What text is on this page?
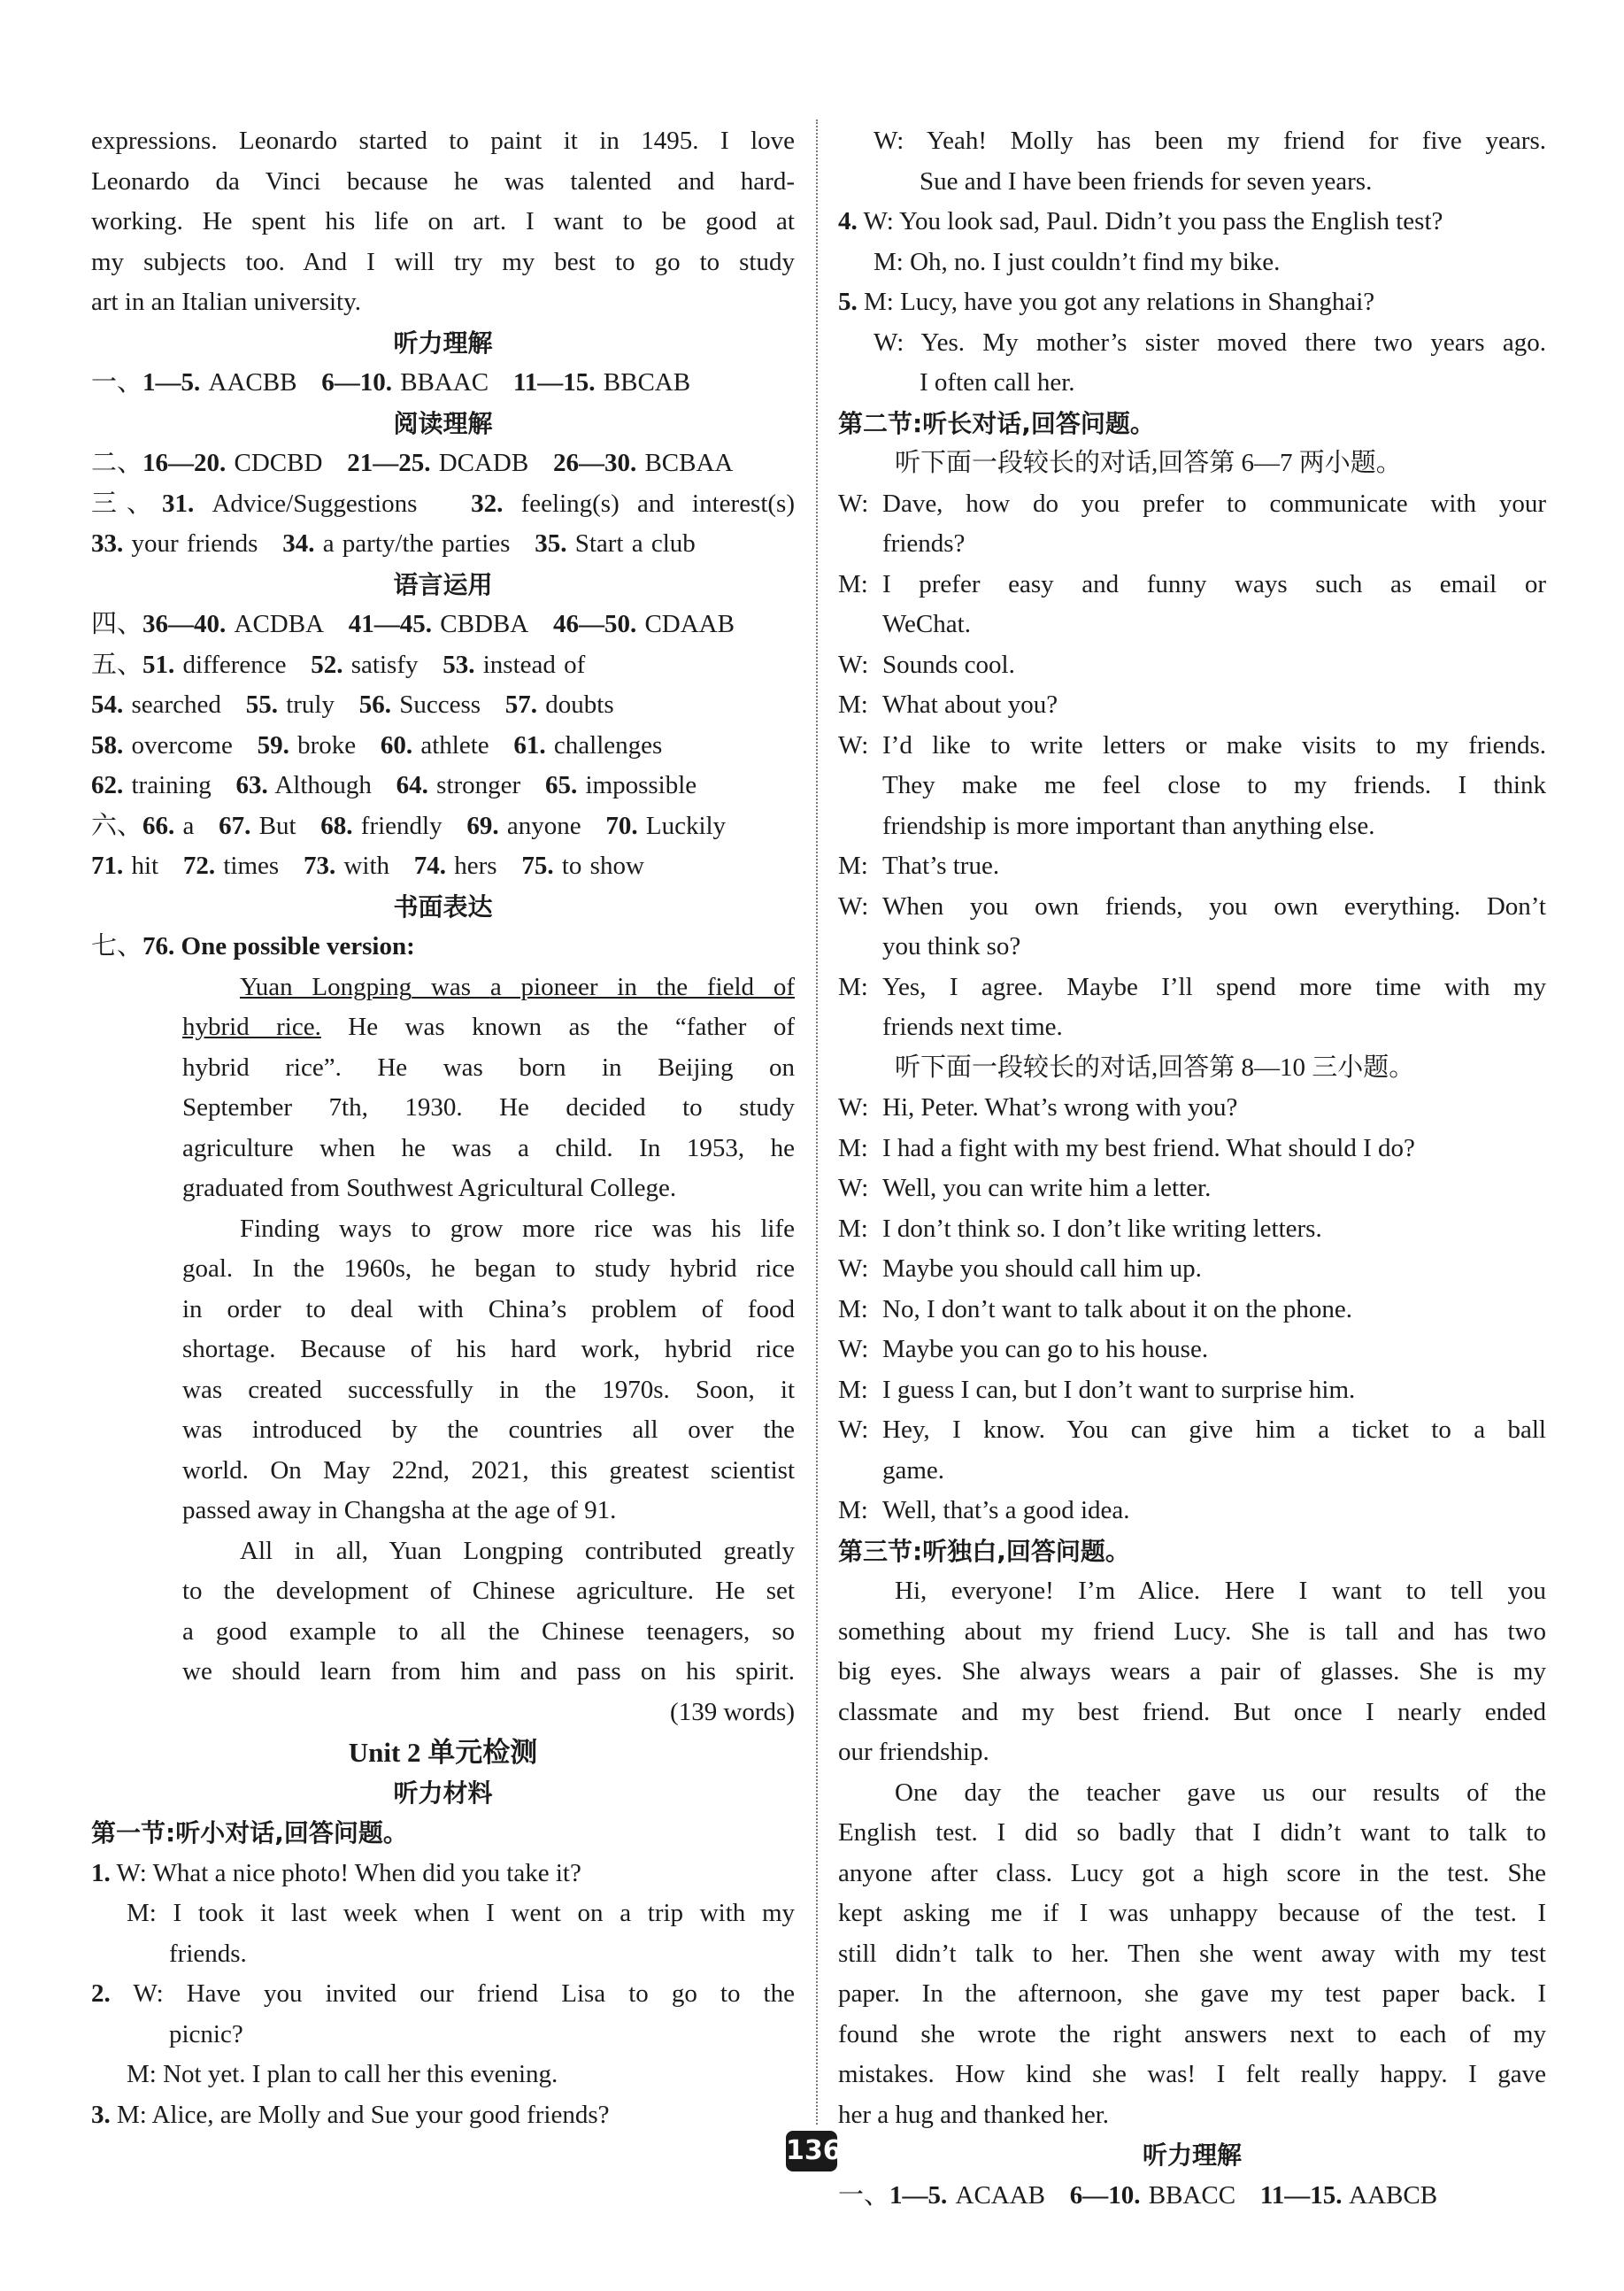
expressions. Leonardo started to paint it in 1495. I love

Leonardo da Vinci because he was talented and hard-

working. He spent his life on art. I want to be good at

my subjects too. And I will try my best to go to study

art in an Italian university.

听力理解

一、1—5. AACBB 6—10. BBAAC 11—15. BBCAB

阅读理解

二、16—20. CDCBD 21—25. DCADB 26—30. BCBAA

三、31. Advice/Suggestions 32. feeling(s) and interest(s)

33. your friends 34. a party/the parties 35. Start a club

语言运用

四、36—40. ACDBA 41—45. CBDBA 46—50. CDAAB

五、51. difference 52. satisfy 53. instead of

54. searched 55. truly 56. Success 57. doubts

58. overcome 59. broke 60. athlete 61. challenges

62. training 63. Although 64. stronger 65. impossible

六、66. a 67. But 68. friendly 69. anyone 70. Luckily

71. hit 72. times 73. with 74. hers 75. to show

书面表达

七、76. One possible version:

Yuan Longping was a pioneer in the field of

hybrid rice. He was known as the “father of

hybrid rice”. He was born in Beijing on

September 7th, 1930. He decided to study

agriculture when he was a child. In 1953, he

graduated from Southwest Agricultural College.

Finding ways to grow more rice was his life

goal. In the 1960s, he began to study hybrid rice

in order to deal with China’s problem of food

shortage. Because of his hard work, hybrid rice

was created successfully in the 1970s. Soon, it

was introduced by the countries all over the

world. On May 22nd, 2021, this greatest scientist

passed away in Changsha at the age of 91.

All in all, Yuan Longping contributed greatly

to the development of Chinese agriculture. He set

a good example to all the Chinese teenagers, so

we should learn from him and pass on his spirit.

(139 words)

Unit 2 单元检测

听力材料

第一节:听小对话,回答问题。

1. W: What a nice photo! When did you take it?

M: I took it last week when I went on a trip with my

friends.

2. W: Have you invited our friend Lisa to go to the

picnic?

M: Not yet. I plan to call her this evening.

3. M: Alice, are Molly and Sue your good friends?

W: Yeah! Molly has been my friend for five years.

Sue and I have been friends for seven years.

4. W: You look sad, Paul. Didn’t you pass the English test?

M: Oh, no. I just couldn’t find my bike.

5. M: Lucy, have you got any relations in Shanghai?

W: Yes. My mother’s sister moved there two years ago.

I often call her.

第二节:听长对话,回答问题。

听下面一段较长的对话,回答第 6—7 两小题。

W: Dave, how do you prefer to communicate with your

friends?

M: I prefer easy and funny ways such as email or

WeChat.

W: Sounds cool.

M: What about you?

W: I’d like to write letters or make visits to my friends.

They make me feel close to my friends. I think

friendship is more important than anything else.

M: That’s true.

W: When you own friends, you own everything. Don’t

you think so?

M: Yes, I agree. Maybe I’ll spend more time with my

friends next time.

听下面一段较长的对话,回答第 8—10 三小题。

W: Hi, Peter. What’s wrong with you?

M: I had a fight with my best friend. What should I do?

W: Well, you can write him a letter.

M: I don’t think so. I don’t like writing letters.

W: Maybe you should call him up.

M: No, I don’t want to talk about it on the phone.

W: Maybe you can go to his house.

M: I guess I can, but I don’t want to surprise him.

W: Hey, I know. You can give him a ticket to a ball

game.

M: Well, that’s a good idea.

第三节:听独白,回答问题。

Hi, everyone! I’m Alice. Here I want to tell you

something about my friend Lucy. She is tall and has two

big eyes. She always wears a pair of glasses. She is my

classmate and my best friend. But once I nearly ended

our friendship.

One day the teacher gave us our results of the

English test. I did so badly that I didn’t want to talk to

anyone after class. Lucy got a high score in the test. She

kept asking me if I was unhappy because of the test. I

still didn’t talk to her. Then she went away with my test

paper. In the afternoon, she gave my test paper back. I

found she wrote the right answers next to each of my

mistakes. How kind she was! I felt really happy. I gave

her a hug and thanked her.

听力理解

一、1—5. ACAAB 6—10. BBACC 11—15. AABCB

136
